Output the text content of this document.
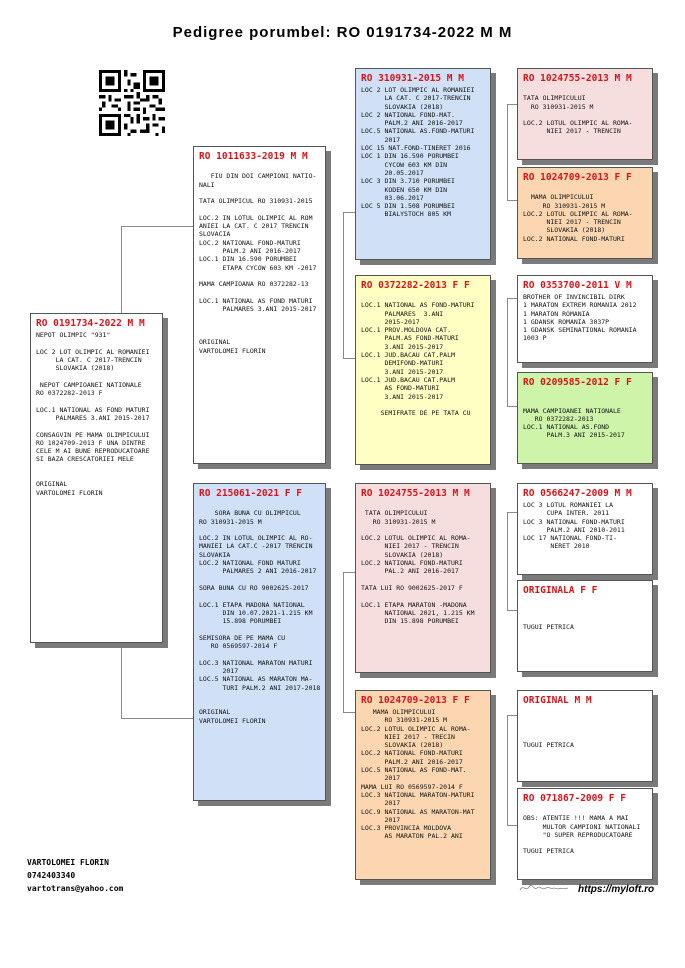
Pedigree porumbel: RO 0191734-2022 M M
RO 0191734-2022 M M
NEPOT OLIMPIC "931"

LOC 2 LOT OLIMPIC AL ROMANIEI
LA CAT. C 2017-TRENCIN
SLOVAKIA (2018)

NEPOT CAMPIOANEI NATIONALE
RO 0372282-2013 F

LOC.1 NATIONAL AS FOND MATURI
PALMARES 3.ANI 2015-2017

CONSAGVIN PE MAMA OLIMPICULUI
RO 1024709-2013 F UNA DINTRE
CELE M AI BUNE REPRODUCATOARE
SI BAZA CRESCATORIEI MELE

ORIGINAL
VARTOLOMEI FLORIN
RO 1011633-2019 M M

FIU DIN DOI CAMPIONI NATIO-
NALI

TATA OLIMPICUL RO 310931-2015

LOC.2 IN LOTUL OLIMPIC AL ROM
ANIEI LA CAT. C 2017 TRENCIN
SLOVACIA
LOC.2 NATIONAL FOND-MATURI
PALM.2 ANI 2016-2017
LOC.1 DIN 16.590 PORUMBEI
ETAPA CYCOW 603 KM -2017

MAMA CAMPIOANA RO 0372282-13

LOC.1 NATIONAL AS FOND MATURI
PALMARES 3.ANI 2015-2017

ORIGINAL
VARTOLOMEI FLORIN
RO 215061-2021 F F

SORA BUNA CU OLIMPICUL
RO 310931-2015 M

LOC.2 IN LOTUL OLIMPIC AL RO-
MANIEI LA CAT.C -2017 TRENCIN
SLOVAKIA
LOC.2 NATIONAL FOND MATURI
PALMARES 2 ANI 2016-2017

SORA BUNA CU RO 9002625-2017

LOC.1 ETAPA MADONA NATIONAL
DIN 10.07.2021-1.215 KM
15.898 PORUMBEI

SEMISORA DE PE MAMA CU
RO 0569597-2014 F

LOC.3 NATIONAL MARATON MATURI
2017
LOC.5 NATIONAL AS MARATON MA-
TURI PALM.2 ANI 2017-2018

ORIGINAL
VARTOLOMEI FLORIN
RO 310931-2015 M M
LOC 2 LOT OLIMPIC AL ROMANIEI
LA CAT. C 2017-TRENCIN
SLOVAKIA (2018)
LOC 2 NATIONAL FOND-MAT.
PALM.2 ANI 2016-2017
LOC.5 NATIONAL AS.FOND-MATURI
2017
LOC 15 NAT.FOND-TINERET 2016
LOC 1 DIN 16.590 PORUMBEI
CYCOW 603 KM DIN
20.05.2017
LOC 3 DIN 3.710 PORUMBEI
KODEN 650 KM DIN
03.06.2017
LOC 5 DIN 1.508 PORUMBEI
BIALYSTOCH 805 KM
RO 0372282-2013 F F

LOC.1 NATIONAL AS FOND-MATURI
PALMARES  3.ANI
2015-2017
LOC.1 PROV.MOLDOVA CAT.
PALM.AS FOND-MATURI
3.ANI 2015-2017
LOC.1 JUD.BACAU CAT.PALM
DEMIFOND-MATURI
3.ANI 2015-2017
LOC.1 JUD.BACAU CAT.PALM
AS FOND-MATURI
3.ANI 2015-2017

SEMIFRATE DE PE TATA CU
RO 1024755-2013 M M

TATA OLIMPICULUI
RO 310931-2015 M

LOC.2 LOTUL OLIMPIC AL ROMA-
NIEI 2017 - TRENCIN
SLOVAKIA (2018)
LOC.2 NATIONAL FOND-MATURI
PAL.2 ANI 2016-2017

TATA LUI RO 9002625-2017 F

LOC.1 ETAPA MARATON -MADONA
NATIONAL 2021, 1.215 KM
DIN 15.898 PORUMBEI
RO 1024709-2013 F F
MAMA OLIMPICULUI
RO 310931-2015 M
LOC.2 LOTUL OLIMPIC AL ROMA-
NIEI 2017 - TRECIN
SLOVAKIA (2018)
LOC.2 NATIONAL FOND-MATURI
PALM.2 ANI 2016-2017
LOC.5 NATIONAL AS FOND-MAT.
2017
MAMA LUI RO 0569597-2014 F
LOC.3 NATIONAL MARATON-MATURI
2017
LOC.9 NATIONAL AS MARATON-MAT
2017
LOC.3 PROVINCIA MOLDOVA
AS MARATON PAL.2 ANI
RO 1024755-2013 M M

TATA OLIMPICULUI
RO 310931-2015 M

LOC.2 LOTUL OLIMPIC AL ROMA-
NIEI 2017 - TRENCIN
RO 1024709-2013 F F

MAMA OLIMPICULUI
RO 310931-2015 M
LOC.2 LOTUL OLIMPIC AL ROMA-
NIEI 2017 - TRENCIN
SLOVAKIA (2018)
LOC.2 NATIONAL FOND-MATURI
RO 0353700-2011 V M
BROTHER OF INVINCIBIL DIRK
1 MARATON EXTREM ROMANIA 2012
1 MARATON ROMANIA
1 GDANSK ROMANIA 3037P
1 GDANSK SEMINATIONAL ROMANIA
1003 P
RO 0209585-2012 F F

MAMA CAMPIOANEI NATIONALE
RO 0372282-2013
LOC.1 NATIONAL AS.FOND
PALM.3 ANI 2015-2017
RO 0566247-2009 M M
LOC 3 LOTUL ROMANIEI LA
CUPA INTER. 2011
LOC 3 NATIONAL FOND-MATURI
PALM.2 ANI 2010-2011
LOC 17 NATIONAL FOND-TI-
NERET 2010
ORIGINALA F F

TUGUI PETRICA
ORIGINAL M M

TUGUI PETRICA
RO 071867-2009 F F

OBS: ATENTIE !!! MAMA A MAI
MULTOR CAMPIONI NATIONALI
"O SUPER REPRODUCATOARE

TUGUI PETRICA
VARTOLOMEI FLORIN
0742403340
vartotrans@yahoo.com	https://myloft.ro
